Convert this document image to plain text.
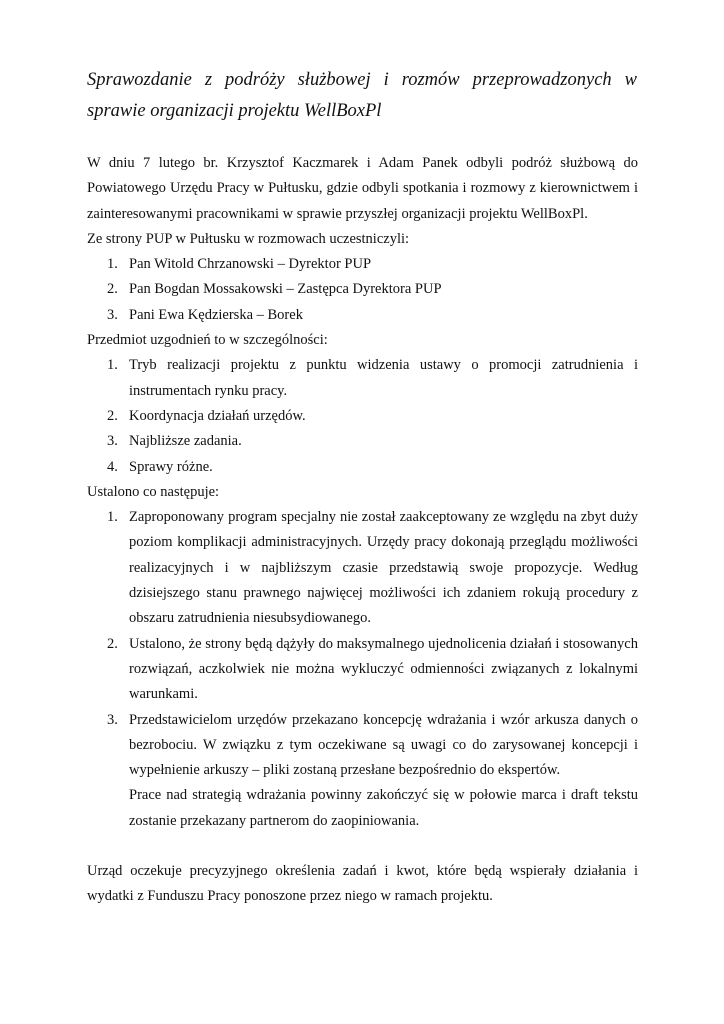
Sprawozdanie z podróży służbowej i rozmów przeprowadzonych w sprawie organizacji projektu WellBoxPl

W dniu 7 lutego br. Krzysztof Kaczmarek i Adam Panek odbyli podróż służbową do Powiatowego Urzędu Pracy w Pułtusku, gdzie odbyli spotkania i rozmowy z kierownictwem i zainteresowanymi pracownikami w sprawie przyszłej organizacji projektu WellBoxPl.

Ze strony PUP w Pułtusku w rozmowach uczestniczyli:

1. Pan Witold Chrzanowski – Dyrektor PUP
2. Pan Bogdan Mossakowski – Zastępca Dyrektora PUP
3. Pani Ewa Kędzierska – Borek

Przedmiot uzgodnień to w szczególności:

1. Tryb realizacji projektu z punktu widzenia ustawy o promocji zatrudnienia i instrumentach rynku pracy.
2. Koordynacja działań urzędów.
3. Najbliższe zadania.
4. Sprawy różne.

Ustalono co następuje:

1. Zaproponowany program specjalny nie został zaakceptowany ze względu na zbyt duży poziom komplikacji administracyjnych. Urzędy pracy dokonają przeglądu możliwości realizacyjnych i w najbliższym czasie przedstawią swoje propozycje. Według dzisiejszego stanu prawnego najwięcej możliwości ich zdaniem rokują procedury z obszaru zatrudnienia niesubsydiowanego.
2. Ustalono, że strony będą dążyły do maksymalnego ujednolicenia działań i stosowanych rozwiązań, aczkolwiek nie można wykluczyć odmienności związanych z lokalnymi warunkami.
3. Przedstawicielom urzędów przekazano koncepcję wdrażania i wzór arkusza danych o bezrobociu. W związku z tym oczekiwane są uwagi co do zarysowanej koncepcji i wypełnienie arkuszy – pliki zostaną przesłane bezpośrednio do ekspertów.

Prace nad strategią wdrażania powinny zakończyć się w połowie marca i draft tekstu zostanie przekazany partnerom do zaopiniowania.

Urząd oczekuje precyzyjnego określenia zadań i kwot, które będą wspierały działania i wydatki z Funduszu Pracy ponoszone przez niego w ramach projektu.
